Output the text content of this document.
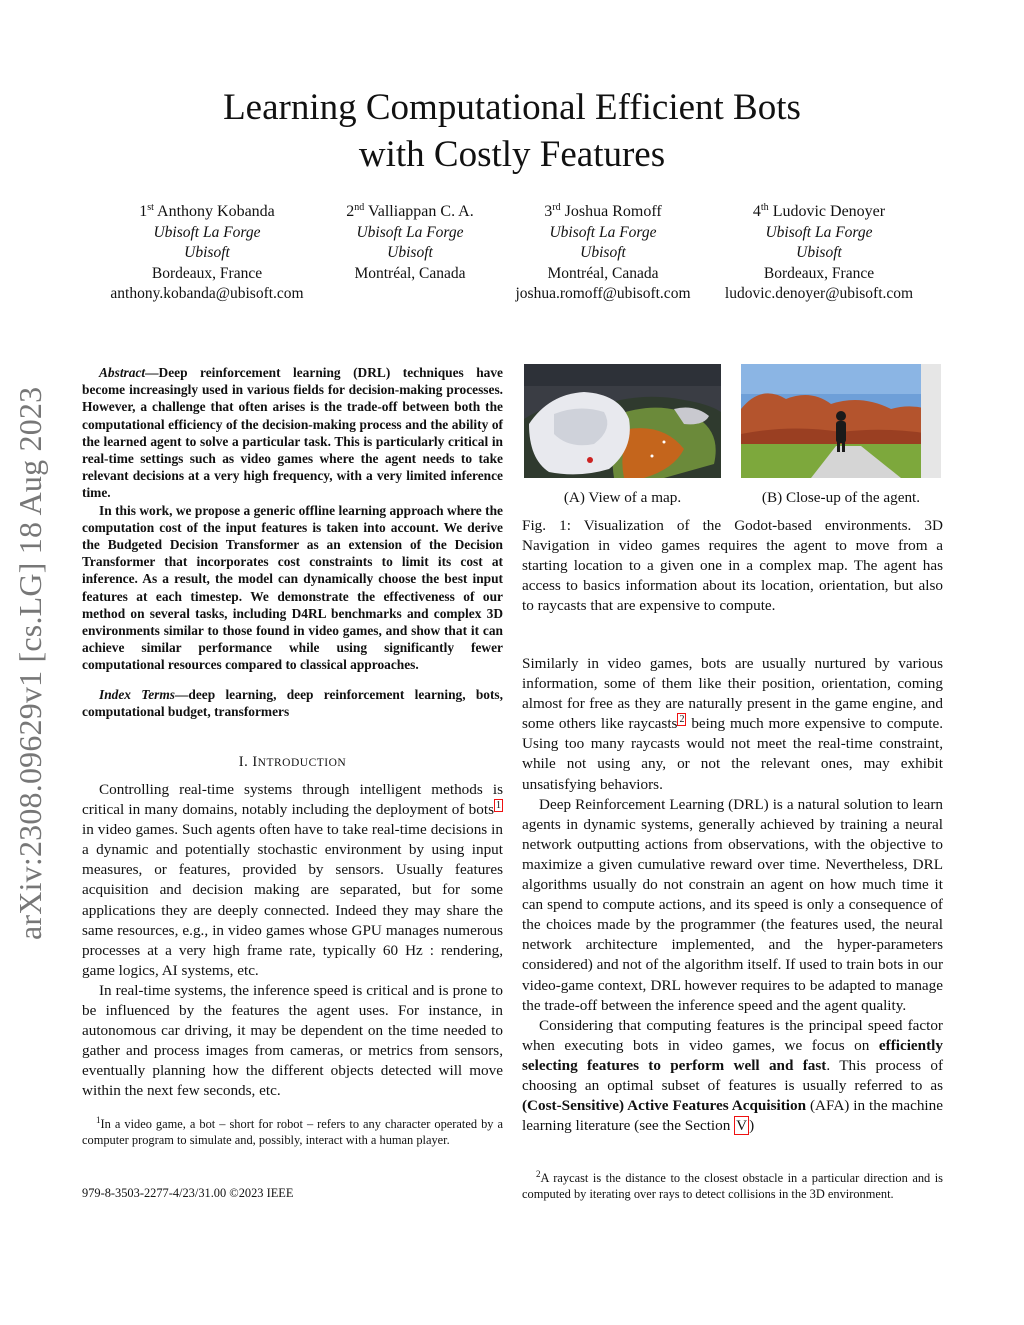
Learning Computational Efficient Bots
with Costly Features
1st Anthony Kobanda
Ubisoft La Forge
Ubisoft
Bordeaux, France
anthony.kobanda@ubisoft.com
2nd Valliappan C. A.
Ubisoft La Forge
Ubisoft
Montréal, Canada
3rd Joshua Romoff
Ubisoft La Forge
Ubisoft
Montréal, Canada
joshua.romoff@ubisoft.com
4th Ludovic Denoyer
Ubisoft La Forge
Ubisoft
Bordeaux, France
ludovic.denoyer@ubisoft.com
arXiv:2308.09629v1 [cs.LG] 18 Aug 2023

Abstract—Deep reinforcement learning (DRL) techniques have become increasingly used in various fields for decision-making processes. However, a challenge that often arises is the trade-off between both the computational efficiency of the decision-making process and the ability of the learned agent to solve a particular task. This is particularly critical in real-time settings such as video games where the agent needs to take relevant decisions at a very high frequency, with a very limited inference time.

In this work, we propose a generic offline learning approach where the computation cost of the input features is taken into account. We derive the Budgeted Decision Transformer as an extension of the Decision Transformer that incorporates cost constraints to limit its cost at inference. As a result, the model can dynamically choose the best input features at each timestep. We demonstrate the effectiveness of our method on several tasks, including D4RL benchmarks and complex 3D environments similar to those found in video games, and show that it can achieve similar performance while using significantly fewer computational resources compared to classical approaches.

Index Terms—deep learning, deep reinforcement learning, bots, computational budget, transformers

I. INTRODUCTION

Controlling real-time systems through intelligent methods is critical in many domains, notably including the deployment of bots $^1$ in video games. Such agents often have to take real-time decisions in a dynamic and potentially stochastic environment by using input measures, or features, provided by sensors. Usually features acquisition and decision making are separated, but for some applications they are deeply connected. Indeed they may share the same resources, e.g., in video games whose GPU manages numerous processes at a very high frame rate, typically 60 Hz : rendering, game logics, AI systems, etc.

In real-time systems, the inference speed is critical and is prone to be influenced by the features the agent uses. For instance, in autonomous car driving, it may be dependent on the time needed to gather and process images from cameras, or metrics from sensors, eventually planning how the different objects detected will move within the next few seconds, etc.

$^1$In a video game, a bot – short for robot – refers to any character operated by a computer program to simulate and, possibly, interact with a human player.
979-8-3503-2277-4/23/31.00 ©2023 IEEE
(A) View of a map.	(B) Close-up of the agent.
Fig. 1: Visualization of the Godot-based environments. 3D Navigation in video games requires the agent to move from a starting location to a given one in a complex map. The agent has access to basics information about its location, orientation, but also to raycasts that are expensive to compute.

Similarly in video games, bots are usually nurtured by various information, some of them like their position, orientation, coming almost for free as they are naturally present in the game engine, and some others like raycasts $^2$ being much more expensive to compute. Using too many raycasts would not meet the real-time constraint, while not using any, or not the relevant ones, may exhibit unsatisfying behaviors.

Deep Reinforcement Learning (DRL) is a natural solution to learn agents in dynamic systems, generally achieved by training a neural network outputting actions from observations, with the objective to maximize a given cumulative reward over time. Nevertheless, DRL algorithms usually do not constrain an agent on how much time it can spend to compute actions, and its speed is only a consequence of the choices made by the programmer (the features used, the neural network architecture implemented, and the hyper-parameters considered) and not of the algorithm itself. If used to train bots in our video-game context, DRL however requires to be adapted to manage the trade-off between the inference speed and the agent quality.

Considering that computing features is the principal speed factor when executing bots in video games, we focus on efficiently selecting features to perform well and fast. This process of choosing an optimal subset of features is usually referred to as (Cost-Sensitive) Active Features Acquisition (AFA) in the machine learning literature (see the Section V )

$^2$A raycast is the distance to the closest obstacle in a particular direction and is computed by iterating over rays to detect collisions in the 3D environment.
